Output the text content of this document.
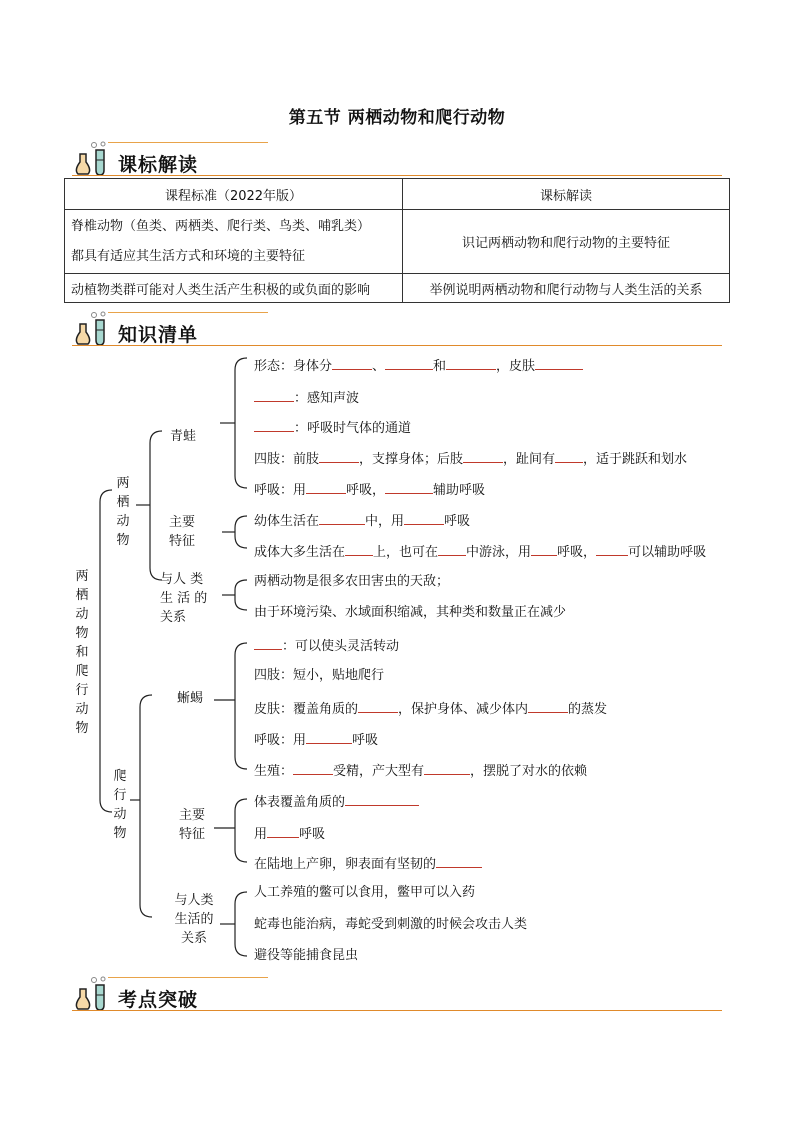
第五节 两栖动物和爬行动物
课标解读
课程标准（2022年版）	课标解读

脊椎动物（鱼类、两栖类、爬行类、鸟类、哺乳类）
都具有适应其生活方式和环境的主要特征	识记两栖动物和爬行动物的主要特征
动植物类群可能对人类生活产生积极的或负面的影响	举例说明两栖动物和爬行动物与人类生活的关系
知识清单
两
栖
动
物
和
爬
行
动
物
两
栖
动
物
青蛙
形态：身体分	、	和	，皮肤
：感知声波
：呼吸时气体的通道
四肢：前肢	，支撑身体；后肢	，趾间有 ，适于跳跃和划水
呼吸：用	呼吸，	辅助呼吸
主要
特征
幼体生活在	中，用	呼吸
成体大多生活在 上，也可在 中游泳，用 呼吸， 可以辅助呼吸
与人 类
生 活 的
关系
两栖动物是很多农田害虫的天敌；
由于环境污染、水域面积缩减，其种类和数量正在减少
爬
行
动
物
蜥蜴
：可以使头灵活转动
四肢：短小，贴地爬行
皮肤：覆盖角质的	，保护身体、减少体内	的蒸发
呼吸：用	呼吸
生殖：	受精，产大型有	，摆脱了对水的依赖
主要
特征
体表覆盖角质的
用 呼吸
在陆地上产卵，卵表面有坚韧的
与人类
生活的
关系
人工养殖的鳖可以食用，鳖甲可以入药
蛇毒也能治病，毒蛇受到刺激的时候会攻击人类
避役等能捕食昆虫
考点突破
